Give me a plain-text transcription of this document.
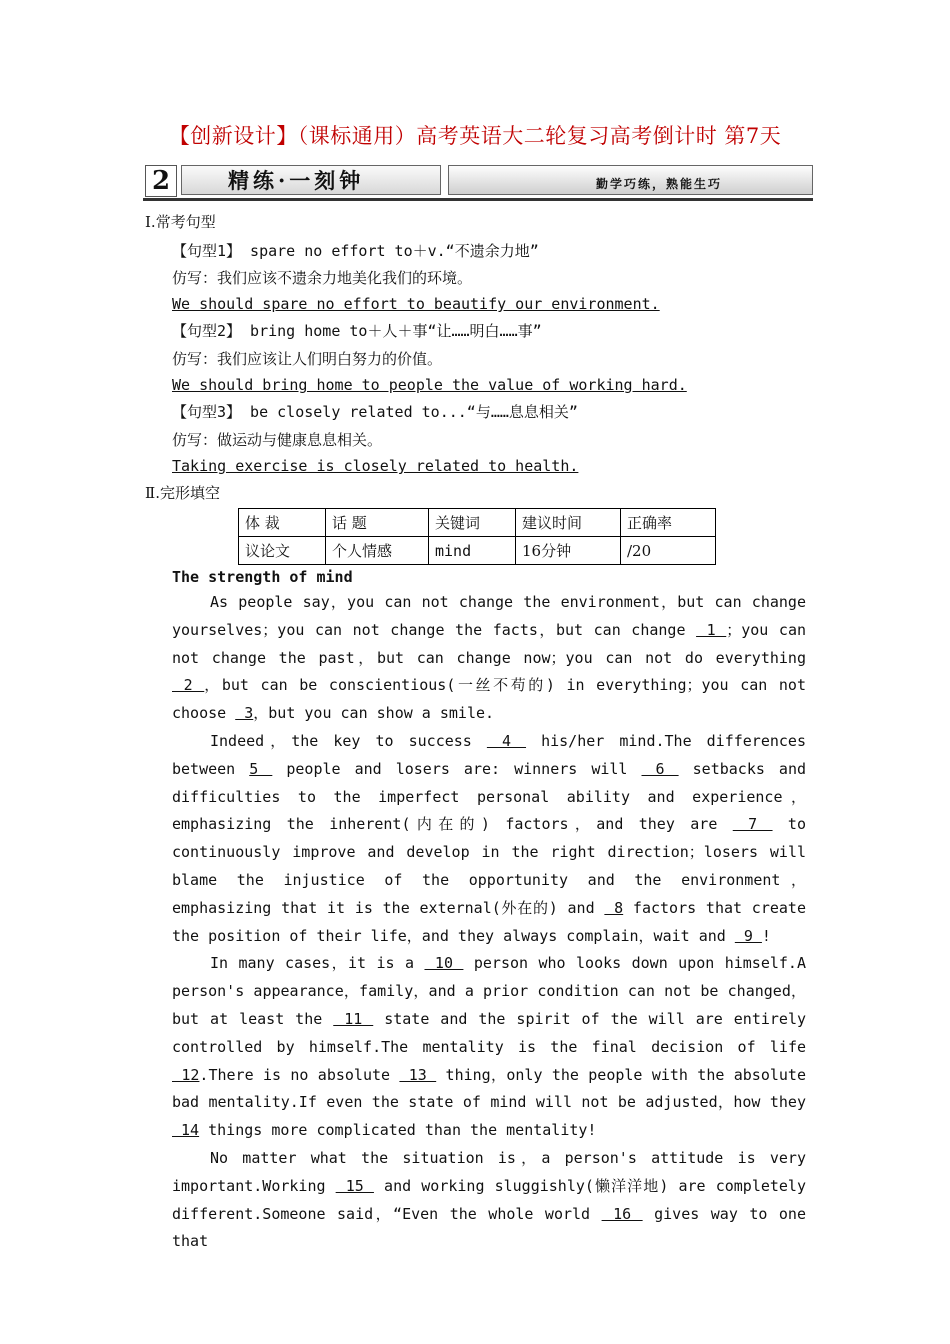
【创新设计】（课标通用）高考英语大二轮复习高考倒计时 第7天
2	精练·一刻钟	勤学巧练，熟能生巧
Ⅰ.常考句型
【句型1】 spare no effort to＋v.“不遗余力地”
仿写：我们应该不遗余力地美化我们的环境。
We should spare no effort to beautify our environment.
【句型2】 bring home to＋人＋事“让……明白……事”
仿写：我们应该让人们明白努力的价值。
We should bring home to people the value of working hard.
【句型3】 be closely related to...“与……息息相关”
仿写：做运动与健康息息相关。
Taking exercise is closely related to health.
Ⅱ.完形填空
体 裁	话 题	关键词	建议时间	正确率
议论文	个人情感	mind	16分钟	/20
The strength of mind

As people say，you can not change the environment，but can change yourselves；you can not change the facts，but can change  1 ；you can not change the past，but can change now；you can not do everything  2 ，but can be conscientious(一丝不苟的) in everything；you can not choose  3，but you can show a smile.

Indeed，the key to success  4  his/her mind.The differences between 5  people and losers are: winners will  6  setbacks and difficulties to the imperfect personal ability and experience，emphasizing the inherent(内在的) factors，and they are  7  to continuously improve and develop in the right direction；losers will blame the injustice of the opportunity and the environment，emphasizing that it is the external(外在的) and  8 factors that create the position of their life，and they always complain，wait and  9 !

In many cases，it is a  10  person who looks down upon himself.A person's appearance，family，and a prior condition can not be changed，but at least the  11  state and the spirit of the will are entirely controlled by himself.The mentality is the final decision of life  12.There is no absolute  13  thing，only the people with the absolute bad mentality.If even the state of mind will not be adjusted，how they  14 things more complicated than the mentality!

No matter what the situation is，a person's attitude is very important.Working  15  and working sluggishly(懒洋洋地) are completely different.Someone said，“Even the whole world  16  gives way to one that
